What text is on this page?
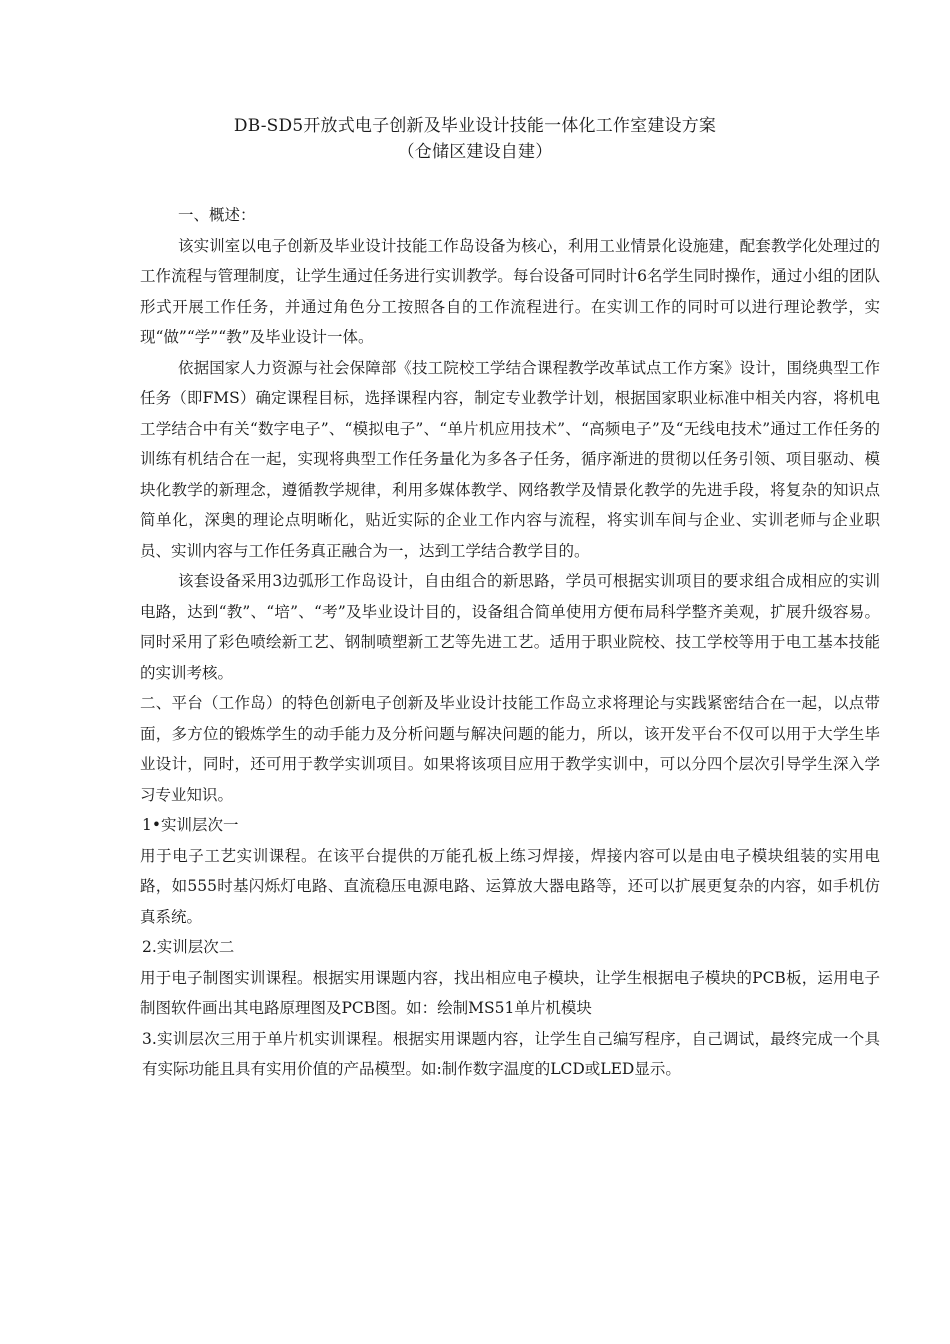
DB-SD5开放式电子创新及毕业设计技能一体化工作室建设方案
（仓储区建设自建）

一、概述：

该实训室以电子创新及毕业设计技能工作岛设备为核心，利用工业情景化设施建，配套教学化处理过的工作流程与管理制度，让学生通过任务进行实训教学。每台设备可同时计6名学生同时操作，通过小组的团队形式开展工作任务，并通过角色分工按照各自的工作流程进行。在实训工作的同时可以进行理论教学，实现“做”“学”“教”及毕业设计一体。

依据国家人力资源与社会保障部《技工院校工学结合课程教学改革试点工作方案》设计，围绕典型工作任务（即FMS）确定课程目标，选择课程内容，制定专业教学计划，根据国家职业标准中相关内容，将机电工学结合中有关“数字电子”、“模拟电子”、“单片机应用技术”、“高频电子”及“无线电技术”通过工作任务的训练有机结合在一起，实现将典型工作任务量化为多各子任务，循序渐进的贯彻以任务引领、项目驱动、模块化教学的新理念，遵循教学规律，利用多媒体教学、网络教学及情景化教学的先进手段，将复杂的知识点简单化，深奥的理论点明晰化，贴近实际的企业工作内容与流程，将实训车间与企业、实训老师与企业职员、实训内容与工作任务真正融合为一，达到工学结合教学目的。

该套设备采用3边弧形工作岛设计，自由组合的新思路，学员可根据实训项目的要求组合成相应的实训电路，达到“教”、“培”、“考”及毕业设计目的，设备组合简单使用方便布局科学整齐美观，扩展升级容易。同时采用了彩色喷绘新工艺、钢制喷塑新工艺等先进工艺。适用于职业院校、技工学校等用于电工基本技能的实训考核。

二、平台（工作岛）的特色创新电子创新及毕业设计技能工作岛立求将理论与实践紧密结合在一起，以点带面，多方位的锻炼学生的动手能力及分析问题与解决问题的能力，所以，该开发平台不仅可以用于大学生毕业设计，同时，还可用于教学实训项目。如果将该项目应用于教学实训中，可以分四个层次引导学生深入学习专业知识。

1•实训层次一

用于电子工艺实训课程。在该平台提供的万能孔板上练习焊接，焊接内容可以是由电子模块组装的实用电路，如555时基闪烁灯电路、直流稳压电源电路、运算放大器电路等，还可以扩展更复杂的内容，如手机仿真系统。

2.实训层次二

用于电子制图实训课程。根据实用课题内容，找出相应电子模块，让学生根据电子模块的PCB板，运用电子制图软件画出其电路原理图及PCB图。如：绘制MS51单片机模块

3.实训层次三用于单片机实训课程。根据实用课题内容，让学生自己编写程序，自己调试，最终完成一个具有实际功能且具有实用价值的产品模型。如:制作数字温度的LCD或LED显示。
